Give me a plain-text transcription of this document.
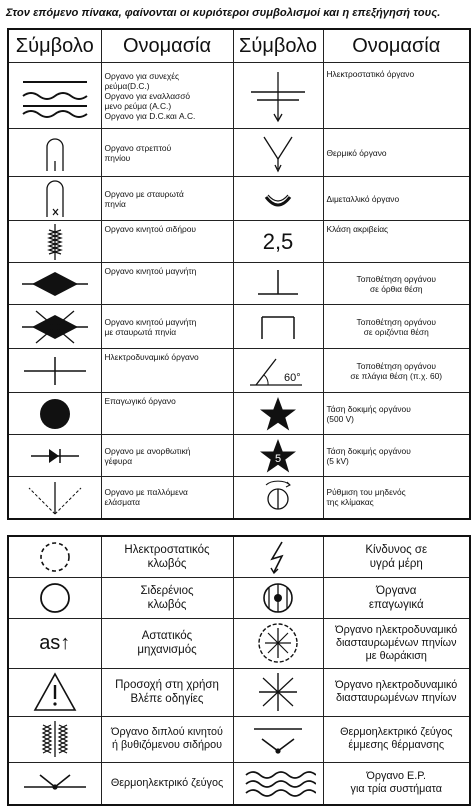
Στον επόμενο πίνακα, φαίνονται οι κυριότεροι συμβολισμοί και η επεξήγησή τους.
Σύμβολο	Ονομασία	Σύμβολο	Ονομασία

Οργανο για συνεχές
ρεύμα(D.C.)
Οργανο για εναλλασσό
μενο ρεύμα (A.C.)
Οργανο για D.C.και A.C.		Ηλεκτροστατικό όργανο

Οργανο στρεπτού
πηνίου		Θερμικό όργανο

Οργανο με σταυρωτά
πηνία		Διμεταλλικό όργανο

Οργανο κινητού σιδήρου	2,5	Κλάση ακριβείας

Οργανο κινητού μαγνήτη		Τοποθέτηση οργάνου
σε όρθια θέση

Οργανο κινητού μαγνήτη
με σταυρωτά πηνία		Τοποθέτηση οργάνου
σε οριζόντια θέση

Ηλεκτροδυναμικό όργανο	60°	Τοποθέτηση οργάνου
σε πλάγια θέση (π.χ. 60)

Επαγωγικό όργανο		Τάση δοκιμής οργάνου
(500 V)

Οργανο με ανορθωτική
γέφυρα	5	Τάση δοκιμής οργάνου
(5 kV)

Οργανο με παλλόμενα
ελάσματα		Ρύθμιση του μηδενός
της κλίμακας

Ηλεκτροστατικός
κλωβός		Κίνδυνος σε
υγρά μέρη

Σιδερένιος
κλωβός		Όργανα
επαγωγικά

as↑	Αστατικός
μηχανισμός		Όργανο ηλεκτροδυναμικό
διασταυρωμένων πηνίων
με θωράκιση

Προσοχή στη χρήση
Βλέπε οδηγίες		Όργανο ηλεκτροδυναμικό
διασταυρωμένων πηνίων

Όργανο διπλού κινητού
ή βυθιζόμενου σιδήρου		Θερμοηλεκτρικό ζεύγος
έμμεσης θέρμανσης

Θερμοηλεκτρικό ζεύγος		Όργανο Ε.Ρ.
για τρία συστήματα
